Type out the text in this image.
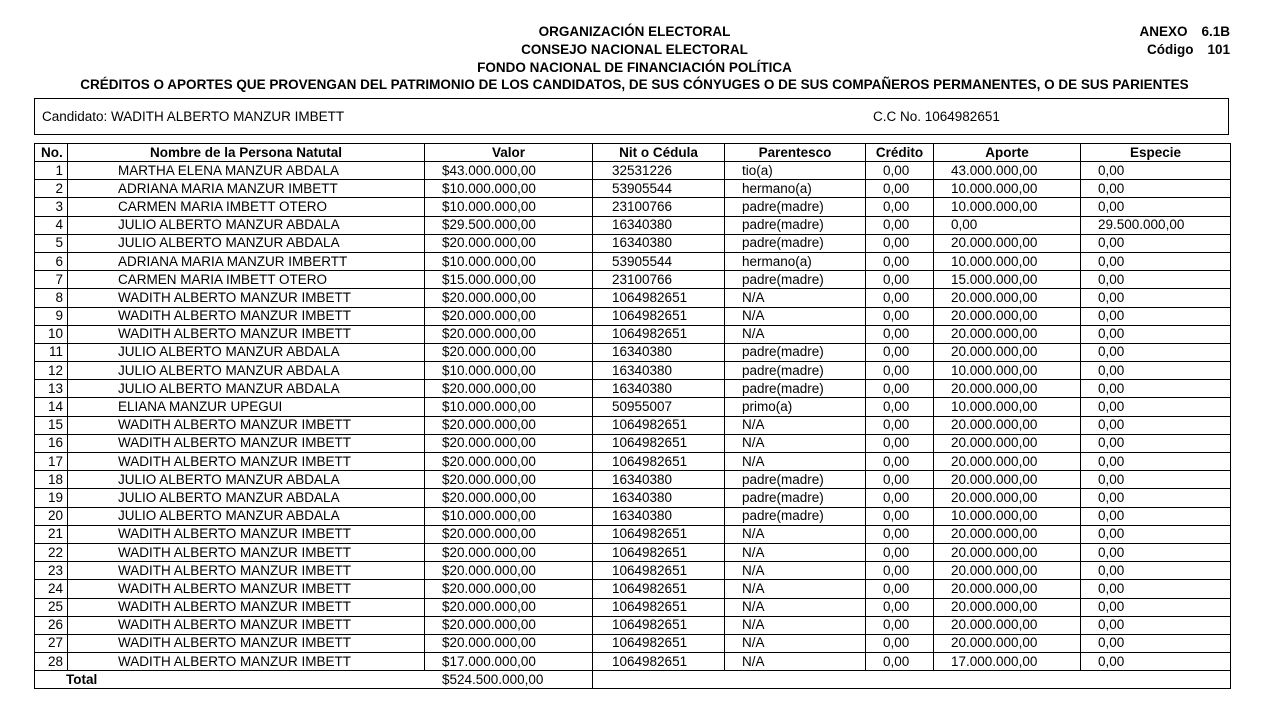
ORGANIZACIÓN ELECTORAL
CONSEJO NACIONAL ELECTORAL
FONDO NACIONAL DE FINANCIACIÓN POLÍTICA
ANEXO 6.1B
Código 101
CRÉDITOS O APORTES QUE PROVENGAN DEL PATRIMONIO DE LOS CANDIDATOS, DE SUS CÓNYUGES O DE SUS COMPAÑEROS PERMANENTES, O DE SUS PARIENTES
Candidato: WADITH ALBERTO MANZUR IMBETT	C.C No. 1064982651
No.	Nombre de la Persona Natutal	Valor	Nit o Cédula	Parentesco	Crédito	Aporte	Especie
1	MARTHA ELENA MANZUR ABDALA	$43.000.000,00	32531226	tio(a)	0,00	43.000.000,00	0,00
2	ADRIANA MARIA MANZUR IMBETT	$10.000.000,00	53905544	hermano(a)	0,00	10.000.000,00	0,00
3	CARMEN MARIA IMBETT OTERO	$10.000.000,00	23100766	padre(madre)	0,00	10.000.000,00	0,00
4	JULIO ALBERTO MANZUR ABDALA	$29.500.000,00	16340380	padre(madre)	0,00	0,00	29.500.000,00
5	JULIO ALBERTO MANZUR ABDALA	$20.000.000,00	16340380	padre(madre)	0,00	20.000.000,00	0,00
6	ADRIANA MARIA MANZUR IMBERTT	$10.000.000,00	53905544	hermano(a)	0,00	10.000.000,00	0,00
7	CARMEN MARIA IMBETT OTERO	$15.000.000,00	23100766	padre(madre)	0,00	15.000.000,00	0,00
8	WADITH ALBERTO MANZUR IMBETT	$20.000.000,00	1064982651	N/A	0,00	20.000.000,00	0,00
9	WADITH ALBERTO MANZUR IMBETT	$20.000.000,00	1064982651	N/A	0,00	20.000.000,00	0,00
10	WADITH ALBERTO MANZUR IMBETT	$20.000.000,00	1064982651	N/A	0,00	20.000.000,00	0,00
11	JULIO ALBERTO MANZUR ABDALA	$20.000.000,00	16340380	padre(madre)	0,00	20.000.000,00	0,00
12	JULIO ALBERTO MANZUR ABDALA	$10.000.000,00	16340380	padre(madre)	0,00	10.000.000,00	0,00
13	JULIO ALBERTO MANZUR ABDALA	$20.000.000,00	16340380	padre(madre)	0,00	20.000.000,00	0,00
14	ELIANA MANZUR UPEGUI	$10.000.000,00	50955007	primo(a)	0,00	10.000.000,00	0,00
15	WADITH ALBERTO MANZUR IMBETT	$20.000.000,00	1064982651	N/A	0,00	20.000.000,00	0,00
16	WADITH ALBERTO MANZUR IMBETT	$20.000.000,00	1064982651	N/A	0,00	20.000.000,00	0,00
17	WADITH ALBERTO MANZUR IMBETT	$20.000.000,00	1064982651	N/A	0,00	20.000.000,00	0,00
18	JULIO ALBERTO MANZUR ABDALA	$20.000.000,00	16340380	padre(madre)	0,00	20.000.000,00	0,00
19	JULIO ALBERTO MANZUR ABDALA	$20.000.000,00	16340380	padre(madre)	0,00	20.000.000,00	0,00
20	JULIO ALBERTO MANZUR ABDALA	$10.000.000,00	16340380	padre(madre)	0,00	10.000.000,00	0,00
21	WADITH ALBERTO MANZUR IMBETT	$20.000.000,00	1064982651	N/A	0,00	20.000.000,00	0,00
22	WADITH ALBERTO MANZUR IMBETT	$20.000.000,00	1064982651	N/A	0,00	20.000.000,00	0,00
23	WADITH ALBERTO MANZUR IMBETT	$20.000.000,00	1064982651	N/A	0,00	20.000.000,00	0,00
24	WADITH ALBERTO MANZUR IMBETT	$20.000.000,00	1064982651	N/A	0,00	20.000.000,00	0,00
25	WADITH ALBERTO MANZUR IMBETT	$20.000.000,00	1064982651	N/A	0,00	20.000.000,00	0,00
26	WADITH ALBERTO MANZUR IMBETT	$20.000.000,00	1064982651	N/A	0,00	20.000.000,00	0,00
27	WADITH ALBERTO MANZUR IMBETT	$20.000.000,00	1064982651	N/A	0,00	20.000.000,00	0,00
28	WADITH ALBERTO MANZUR IMBETT	$17.000.000,00	1064982651	N/A	0,00	17.000.000,00	0,00
Total		$524.500.000,00					
